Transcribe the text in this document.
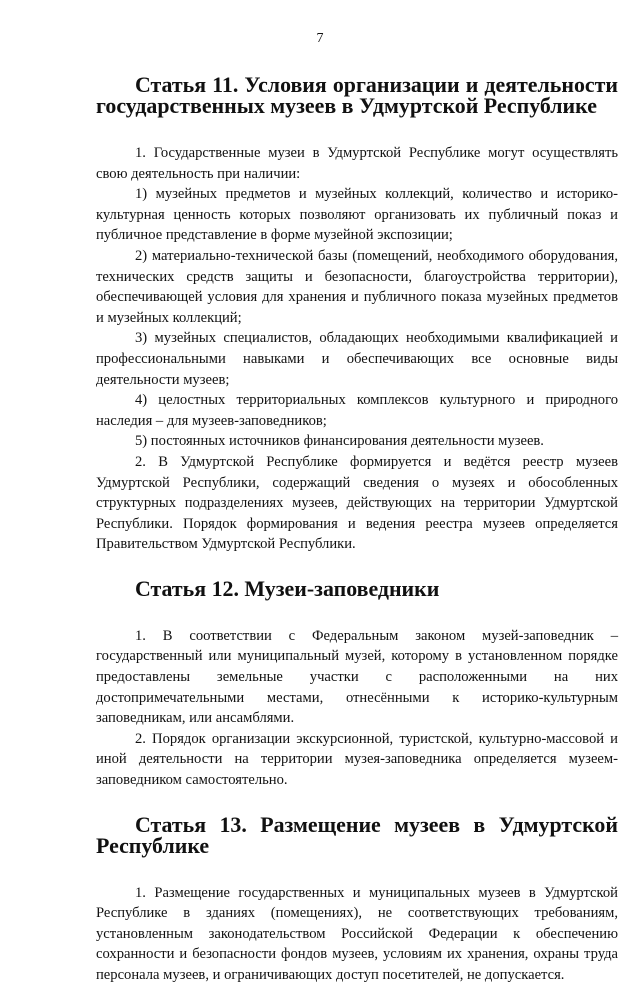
7
Статья 11. Условия организации и деятельности государственных музеев в Удмуртской Республике

1. Государственные музеи в Удмуртской Республике могут осуществлять свою деятельность при наличии:

1) музейных предметов и музейных коллекций, количество и историко-культурная ценность которых позволяют организовать их публичный показ и публичное представление в форме музейной экспозиции;

2) материально-технической базы (помещений, необходимого оборудования, технических средств защиты и безопасности, благоустройства территории), обеспечивающей условия для хранения и публичного показа музейных предметов и музейных коллекций;

3) музейных специалистов, обладающих необходимыми квалификацией и профессиональными навыками и обеспечивающих все основные виды деятельности музеев;

4) целостных территориальных комплексов культурного и природного наследия – для музеев-заповедников;

5) постоянных источников финансирования деятельности музеев.

2. В Удмуртской Республике формируется и ведётся реестр музеев Удмуртской Республики, содержащий сведения о музеях и обособленных структурных подразделениях музеев, действующих на территории Удмуртской Республики. Порядок формирования и ведения реестра музеев определяется Правительством Удмуртской Республики.

Статья 12. Музеи-заповедники

1. В соответствии с Федеральным законом музей-заповедник – государственный или муниципальный музей, которому в установленном порядке предоставлены земельные участки с расположенными на них достопримечательными местами, отнесёнными к историко-культурным заповедникам, или ансамблями.

2. Порядок организации экскурсионной, туристской, культурно-массовой и иной деятельности на территории музея-заповедника определяется музеем-заповедником самостоятельно.

Статья 13. Размещение музеев в Удмуртской Республике

1. Размещение государственных и муниципальных музеев в Удмуртской Республике в зданиях (помещениях), не соответствующих требованиям, установленным законодательством Российской Федерации к обеспечению сохранности и безопасности фондов музеев, условиям их хранения, охраны труда персонала музеев, и ограничивающих доступ посетителей, не допускается.
